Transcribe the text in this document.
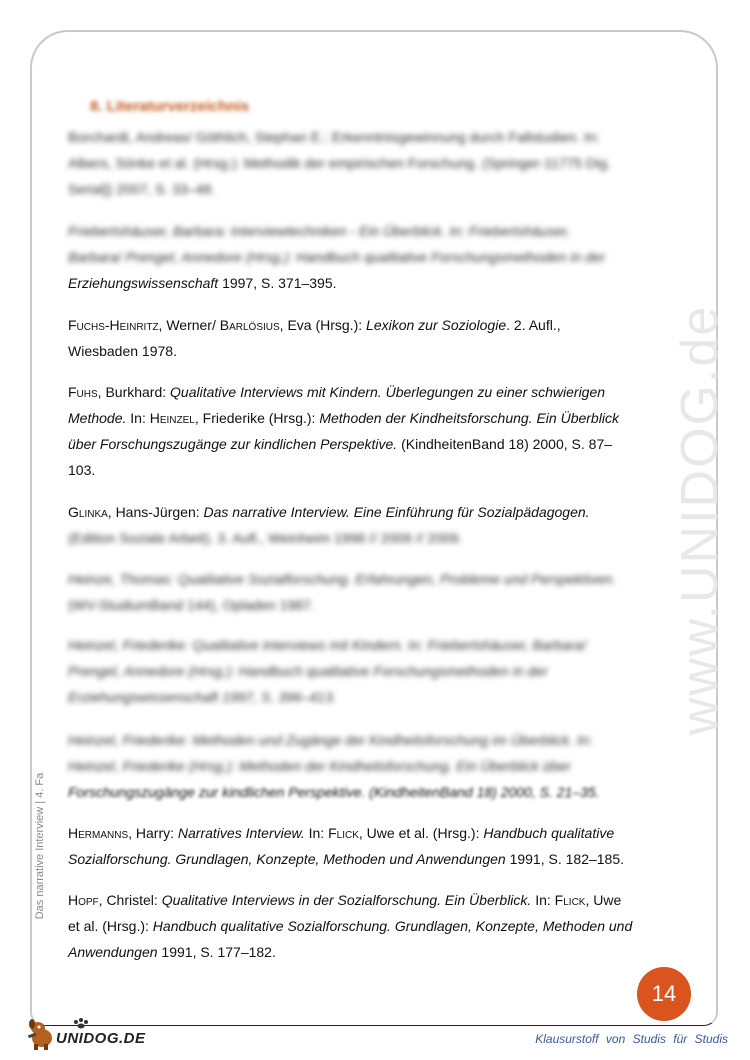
www.UNIDOG.de
Das narrative Interview | 4. Fa
8. Literaturverzeichnis
Borchardt, Andreas/ Göthlich, Stephan E.: Erkenntnisgewinnung durch Fallstudien. In:
Albers, Sönke et al. (Hrsg.): Methodik der empirischen Forschung. (Springer-11775 Dig.
Serial]) 2007, S. 33–48.
Friebertshäuser, Barbara: Interviewtechniken - Ein Überblick. In: Friebertshäuser,
Barbara/ Prengel, Annedore (Hrsg.): Handbuch qualitative Forschungsmethoden in der
Erziehungswissenschaft 1997, S. 371–395.
Fuchs-Heinritz, Werner/ Barlösius, Eva (Hrsg.): Lexikon zur Soziologie. 2. Aufl.,
Wiesbaden 1978.
Fuhs, Burkhard: Qualitative Interviews mit Kindern. Überlegungen zu einer schwierigen
Methode. In: Heinzel, Friederike (Hrsg.): Methoden der Kindheitsforschung. Ein Überblick
über Forschungszugänge zur kindlichen Perspektive. (KindheitenBand 18) 2000, S. 87–
103.
Glinka, Hans-Jürgen: Das narrative Interview. Eine Einführung für Sozialpädagogen.
(Edition Soziale Arbeit). 3. Aufl., Weinheim 1998 // 2009 // 2009.
Heinze, Thomas: Qualitative Sozialforschung. Erfahrungen, Probleme und Perspektiven.
(WV-StudiumBand 144), Opladen 1987.
Heinzel, Friederike: Qualitative Interviews mit Kindern. In: Friebertshäuser, Barbara/
Prengel, Annedore (Hrsg.): Handbuch qualitative Forschungsmethoden in der
Erziehungswissenschaft 1997, S. 396–413.
Heinzel, Friederike: Methoden und Zugänge der Kindheitsforschung im Überblick. In:
Heinzel, Friederike (Hrsg.): Methoden der Kindheitsforschung. Ein Überblick über
Forschungszugänge zur kindlichen Perspektive. (KindheitenBand 18) 2000, S. 21–35.
Hermanns, Harry: Narratives Interview. In: Flick, Uwe et al. (Hrsg.): Handbuch qualitative
Sozialforschung. Grundlagen, Konzepte, Methoden und Anwendungen 1991, S. 182–185.
Hopf, Christel: Qualitative Interviews in der Sozialforschung. Ein Überblick. In: Flick, Uwe
et al. (Hrsg.): Handbuch qualitative Sozialforschung. Grundlagen, Konzepte, Methoden und
Anwendungen 1991, S. 177–182.
14
UNIDOG.DE	Klausurstoff von Studis für Studis
